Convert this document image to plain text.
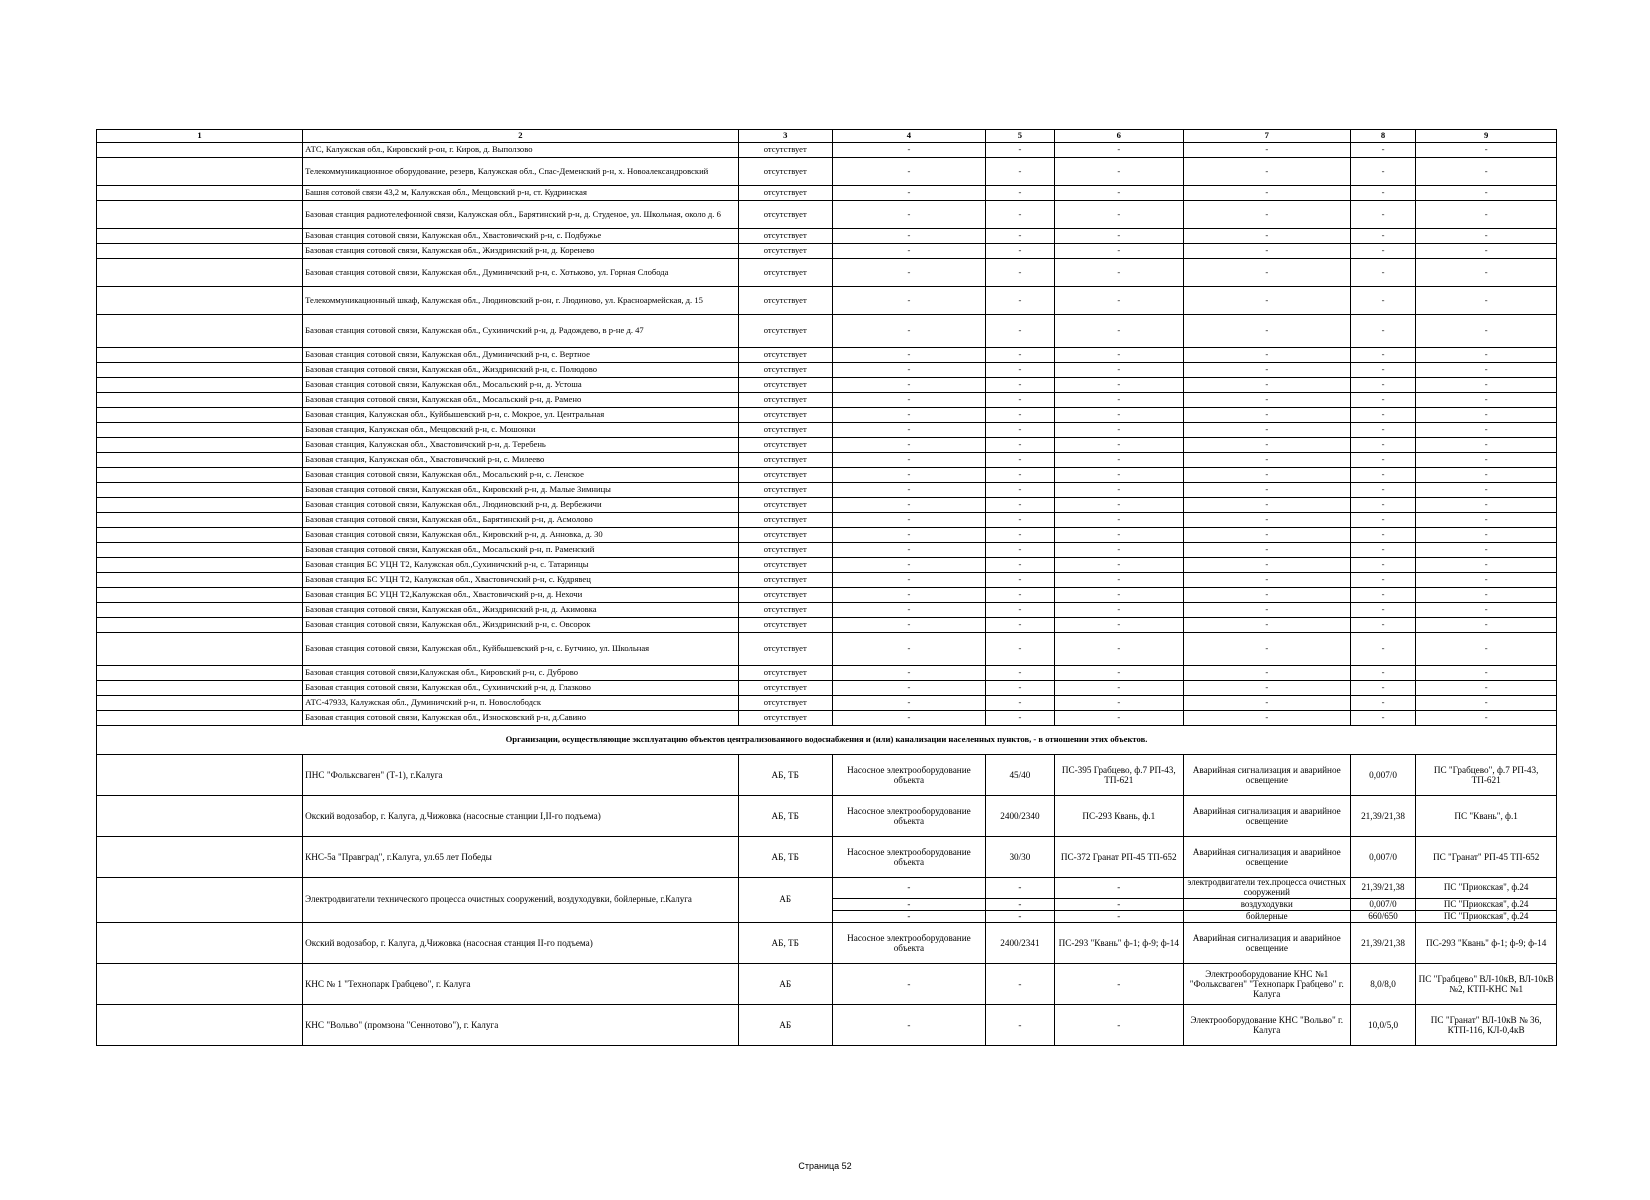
1	2	3	4	5	6	7	8	9
	АТС, Калужская обл., Кировский р-он, г. Киров, д. Выползово	отсутствует	-	-	-	-	-	-
	Телекоммуникационное оборудование, резерв, Калужская обл., Спас-Деменский р-н, х. Новоалександровский	отсутствует	-	-	-	-	-	-
	Башня сотовой связи 43,2 м, Калужская обл., Мещовский р-н, ст. Кудринская	отсутствует	-	-	-	-	-	-
	Базовая станция радиотелефонной связи, Калужская обл., Барятинский р-н, д. Студеное, ул. Школьная, около д. 6	отсутствует	-	-	-	-	-	-
	Базовая станция сотовой связи, Калужская обл., Хвастовичский р-н, с. Подбужье	отсутствует	-	-	-	-	-	-
	Базовая станция сотовой связи, Калужская обл., Жиздринский р-н, д. Коренево	отсутствует	-	-	-	-	-	-
	Базовая станция сотовой связи, Калужская обл., Думиничский р-н, с. Хотьково, ул. Горная Слобода	отсутствует	-	-	-	-	-	-
	Телекоммуникационный шкаф, Калужская обл., Людиновский р-он, г. Людиново, ул. Красноармейская, д. 15	отсутствует	-	-	-	-	-	-
	Базовая станция сотовой связи, Калужская обл., Сухиничский р-н, д. Радождево, в р-не д. 47	отсутствует	-	-	-	-	-	-
	Базовая станция сотовой связи, Калужская обл., Думиничский р-н, с. Вертное	отсутствует	-	-	-	-	-	-
	Базовая станция сотовой связи, Калужская обл., Жиздринский р-н, с. Полюдово	отсутствует	-	-	-	-	-	-
	Базовая станция сотовой связи, Калужская обл., Мосальский р-н, д. Устоша	отсутствует	-	-	-	-	-	-
	Базовая станция сотовой связи, Калужская обл., Мосальский р-н, д. Рамено	отсутствует	-	-	-	-	-	-
	Базовая станция, Калужская обл., Куйбышевский р-н, с. Мокрое, ул. Центральная	отсутствует	-	-	-	-	-	-
	Базовая станция, Калужская обл., Мещовский р-н, с. Мошонки	отсутствует	-	-	-	-	-	-
	Базовая станция, Калужская обл., Хвастовичский р-н, д. Теребень	отсутствует	-	-	-	-	-	-
	Базовая станция, Калужская обл., Хвастовичский р-н, с. Милеево	отсутствует	-	-	-	-	-	-
	Базовая станция сотовой связи, Калужская обл., Мосальский р-н, с. Ленское	отсутствует	-	-	-	-	-	-
	Базовая станция сотовой связи, Калужская обл., Кировский р-н, д. Малые Зимницы	отсутствует	-	-	-	-	-	-
	Базовая станция сотовой связи, Калужская обл., Людиновский р-н, д. Вербежичи	отсутствует	-	-	-	-	-	-
	Базовая станция сотовой связи, Калужская обл., Барятинский р-н, д. Асмолово	отсутствует	-	-	-	-	-	-
	Базовая станция сотовой связи, Калужская обл., Кировский р-н, д. Анновка, д. 30	отсутствует	-	-	-	-	-	-
	Базовая станция сотовой связи, Калужская обл., Мосальский р-н, п. Раменский	отсутствует	-	-	-	-	-	-
	Базовая станция БС УЦН Т2, Калужская обл.,Сухиничский р-н, с. Татаринцы	отсутствует	-	-	-	-	-	-
	Базовая станция БС УЦН Т2, Калужская обл., Хвастовичский р-н, с. Кудрявец	отсутствует	-	-	-	-	-	-
	Базовая станция БС УЦН Т2,Калужская обл., Хвастовичский р-н, д. Нехочи	отсутствует	-	-	-	-	-	-
	Базовая станция сотовой связи, Калужская обл., Жиздринский р-н, д. Акимовка	отсутствует	-	-	-	-	-	-
	Базовая станция сотовой связи, Калужская обл., Жиздринский р-н, с. Овсорок	отсутствует	-	-	-	-	-	-
	Базовая станция сотовой связи, Калужская обл., Куйбышевский р-н, с. Бутчино, ул. Школьная	отсутствует	-	-	-	-	-	-
	Базовая станция сотовой связи,Калужская обл., Кировский р-н, с. Дуброво	отсутствует	-	-	-	-	-	-
	Базовая станция сотовой связи, Калужская обл., Сухиничский р-н, д. Глазково	отсутствует	-	-	-	-	-	-
	АТС-47933, Калужская обл., Думиничский р-н, п. Новослободск	отсутствует	-	-	-	-	-	-
	Базовая станция сотовой связи, Калужская обл., Износковский р-н, д.Савино	отсутствует	-	-	-	-	-	-
Организации, осуществляющие эксплуатацию объектов централизованного водоснабжения и (или) канализации населенных пунктов, - в отношении этих объектов.								
	ПНС "Фольксваген" (Т-1), г.Калуга	АБ, ТБ	Насосное электрооборудование объекта	45/40	ПС-395 Грабцево, ф.7 РП-43, ТП-621	Аварийная сигнализация и аварийное освещение	0,007/0	ПС "Грабцево", ф.7 РП-43, ТП-621
	Окский водозабор, г. Калуга, д.Чижовка (насосные станции I,II-го подъема)	АБ, ТБ	Насосное электрооборудование объекта	2400/2340	ПС-293 Квань, ф.1	Аварийная сигнализация и аварийное освещение	21,39/21,38	ПС "Квань", ф.1
	КНС-5а "Правград", г.Калуга, ул.65 лет Победы	АБ, ТБ	Насосное электрооборудование объекта	30/30	ПС-372 Гранат РП-45 ТП-652	Аварийная сигнализация и аварийное освещение	0,007/0	ПС "Гранат" РП-45 ТП-652
	Электродвигатели технического процесса очистных сооружений, воздуходувки, бойлерные, г.Калуга	АБ	-	-	-	электродвигатели тех.процесса очистных сооружений	21,39/21,38	ПС "Приокская", ф.24
			-	-	-	воздуходувки	0,007/0	ПС "Приокская", ф.24
			-	-	-	бойлерные	660/650	ПС "Приокская", ф.24
	Окский водозабор, г. Калуга, д.Чижовка (насосная станция II-го подъема)	АБ, ТБ	Насосное электрооборудование объекта	2400/2341	ПС-293 "Квань" ф-1; ф-9; ф-14	Аварийная сигнализация и аварийное освещение	21,39/21,38	ПС-293 "Квань" ф-1; ф-9; ф-14
	КНС № 1 "Технопарк Грабцево", г. Калуга	АБ	-	-	-	Электрооборудование КНС №1 "Фольксваген" "Технопарк Грабцево" г. Калуга	8,0/8,0	ПС "Грабцево" ВЛ-10кВ, ВЛ-10кВ №2, КТП-КНС №1
	КНС "Вольво" (промзона "Сеннотово"), г. Калуга	АБ	-	-	-	Электрооборудование КНС "Вольво" г. Калуга	10,0/5,0	ПС "Гранат" ВЛ-10кВ № 36, КТП-116, КЛ-0,4кВ
Страница 52
